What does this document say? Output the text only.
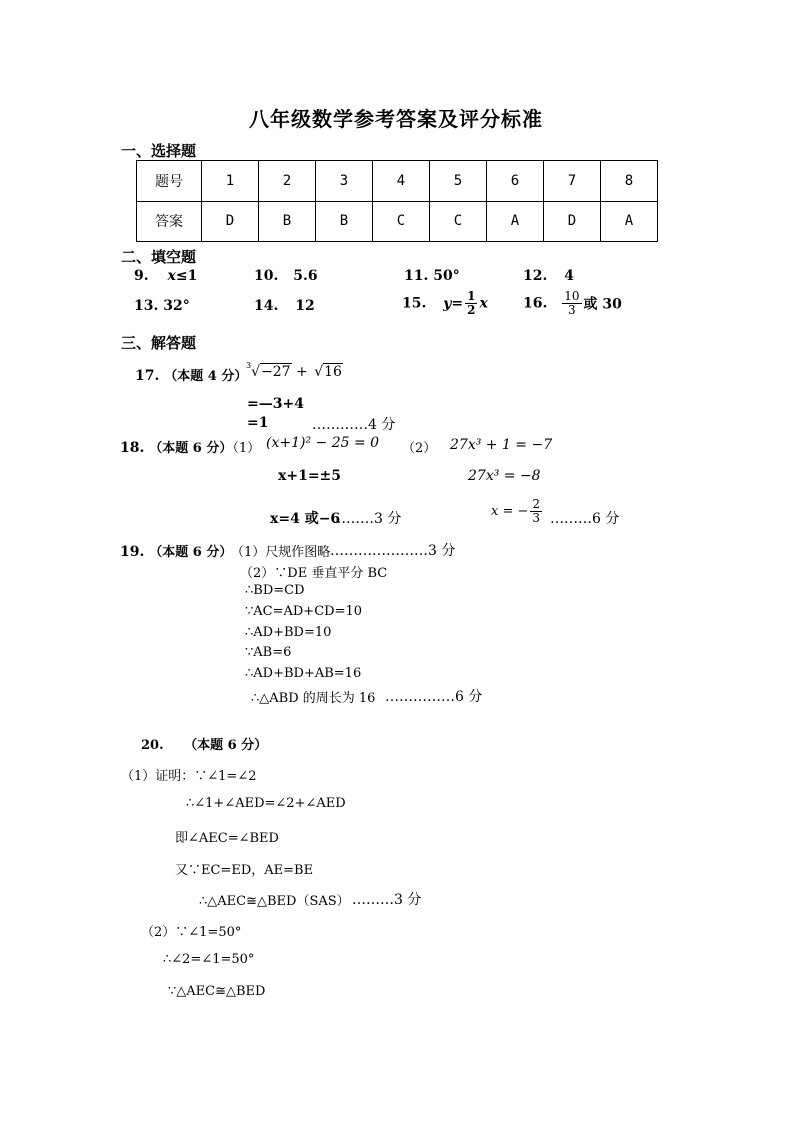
八年级数学参考答案及评分标准
一、选择题
题号	1	2	3	4	5	6	7	8
答案	D	B	B	C	C	A	D	A
二、填空题
9. x≤1	10. 5.6	11. 50°	12. 4
13. 32°	14. 12	15. $y= \frac{1}{2}$ x	16. $\frac{10}{3}$ 或 30
三、解答题
17. （本题 4 分）
$^3$√−27 + √16
=—3+4
=1	…………4 分
18. （本题 6 分）（1） (x+1)² − 25 = 0 （2） 27x³ + 1 = −7
x+1=±5	27x³ = −8
x=4 或−6
………3 分	x = − $\frac{2}{3}$ ………6 分
19. （本题 6 分）
（1）尺规作图略 …………………3 分
（2）∵DE 垂直平分 BC
∴BD=CD
∵AC=AD+CD=10
∴AD+BD=10
∵AB=6
∴AD+BD+AB=16
∴△ABD 的周长为 16 ……………6 分
20. （本题 6 分）
（1）证明：∵∠1=∠2
∴∠1+∠AED=∠2+∠AED
即∠AEC=∠BED
又∵EC=ED，AE=BE
∴△AEC≅△BED（SAS） ………3 分
（2）∵∠1=50°
∴∠2=∠1=50°
∵△AEC≅△BED
